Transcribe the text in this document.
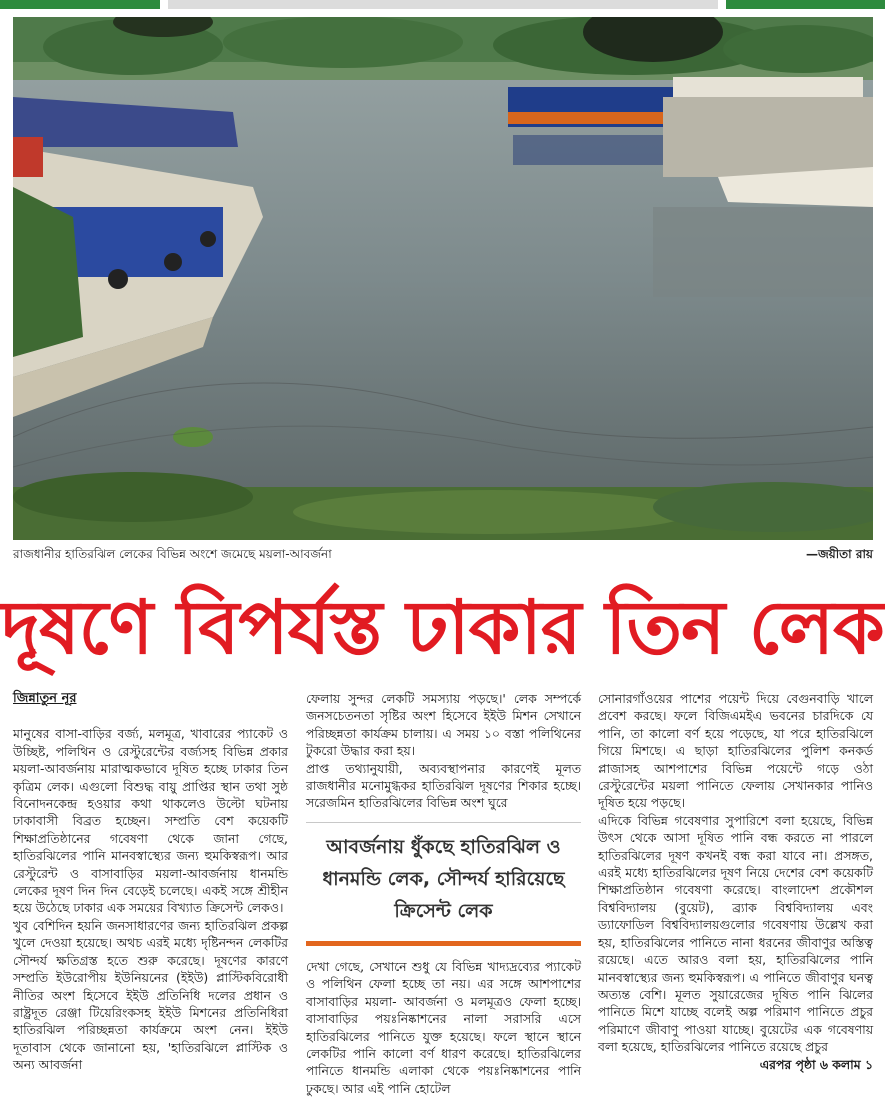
রাজধানীর হাতিরঝিল লেকের বিভিন্ন অংশে জমেছে ময়লা-আবর্জনা	—জয়ীতা রায়
দূষণে বিপর্যস্ত ঢাকার তিন লেক
জিন্নাতুন নূর

মানুষের বাসা-বাড়ির বর্জ্য, মলমূত্র, খাবারের প্যাকেট ও উচ্ছিষ্ট, পলিথিন ও রেস্টুরেন্টের বর্জ্যসহ বিভিন্ন প্রকার ময়লা-আবর্জনায় মারাত্মকভাবে দূষিত হচ্ছে ঢাকার তিন কৃত্রিম লেক। এগুলো বিশুদ্ধ বায়ু প্রাপ্তির স্থান তথা সুষ্ঠ বিনোদনকেন্দ্র হওয়ার কথা থাকলেও উল্টো ঘটনায় ঢাকাবাসী বিব্রত হচ্ছেন। সম্প্রতি বেশ কয়েকটি শিক্ষাপ্রতিষ্ঠানের গবেষণা থেকে জানা গেছে, হাতিরঝিলের পানি মানবস্বাস্থ্যের জন্য হুমকিস্বরূপ। আর রেস্টুরেন্ট ও বাসাবাড়ির ময়লা-আবর্জনায় ধানমন্ডি লেকের দূষণ দিন দিন বেড়েই চলেছে। একই সঙ্গে শ্রীহীন হয়ে উঠেছে ঢাকার এক সময়ের বিখ্যাত ক্রিসেন্ট লেকও।

খুব বেশিদিন হয়নি জনসাধারণের জন্য হাতিরঝিল প্রকল্প খুলে দেওয়া হয়েছে। অথচ এরই মধ্যে দৃষ্টিনন্দন লেকটির সৌন্দর্য ক্ষতিগ্রস্ত হতে শুরু করেছে। দূষণের কারণে সম্প্রতি ইউরোপীয় ইউনিয়নের (ইইউ) প্লাস্টিকবিরোধী নীতির অংশ হিসেবে ইইউ প্রতিনিধি দলের প্রধান ও রাষ্ট্রদূত রেঞ্জা টিয়েরিংকসহ ইইউ মিশনের প্রতিনিধিরা হাতিরঝিল পরিচ্ছন্নতা কার্যক্রমে অংশ নেন। ইইউ দূতাবাস থেকে জানানো হয়, 'হাতিরঝিলে প্লাস্টিক ও অন্য আবর্জনা

ফেলায় সুন্দর লেকটি সমস্যায় পড়ছে।' লেক সম্পর্কে জনসচেতনতা সৃষ্টির অংশ হিসেবে ইইউ মিশন সেখানে পরিচ্ছন্নতা কার্যক্রম চালায়। এ সময় ১০ বস্তা পলিথিনের টুকরো উদ্ধার করা হয়।

প্রাপ্ত তথ্যানুযায়ী, অব্যবস্থাপনার কারণেই মূলত রাজধানীর মনোমুগ্ধকর হাতিরঝিল দূষণের শিকার হচ্ছে। সরেজমিন হাতিরঝিলের বিভিন্ন অংশ ঘুরে

আবর্জনায় ধুঁকছে হাতিরঝিল ও ধানমন্ডি লেক, সৌন্দর্য হারিয়েছে ক্রিসেন্ট লেক

দেখা গেছে, সেখানে শুধু যে বিভিন্ন খাদ্যদ্রব্যের প্যাকেট ও পলিথিন ফেলা হচ্ছে তা নয়। এর সঙ্গে আশপাশের বাসাবাড়ির ময়লা- আবর্জনা ও মলমূত্রও ফেলা হচ্ছে। বাসাবাড়ির পয়ঃনিষ্কাশনের নালা সরাসরি এসে হাতিরঝিলের পানিতে যুক্ত হয়েছে। ফলে স্থানে স্থানে লেকটির পানি কালো বর্ণ ধারণ করেছে। হাতিরঝিলের পানিতে ধানমন্ডি এলাকা থেকে পয়ঃনিষ্কাশনের পানি ঢুকছে। আর এই পানি হোটেল

সোনারগাঁওয়ের পাশের পয়েন্ট দিয়ে বেগুনবাড়ি খালে প্রবেশ করছে। ফলে বিজিএমইএ ভবনের চারদিকে যে পানি, তা কালো বর্ণ হয়ে পড়েছে, যা পরে হাতিরঝিলে গিয়ে মিশছে। এ ছাড়া হাতিরঝিলের পুলিশ কনকর্ড প্লাজাসহ আশপাশের বিভিন্ন পয়েন্টে গড়ে ওঠা রেস্টুরেন্টের ময়লা পানিতে ফেলায় সেখানকার পানিও দূষিত হয়ে পড়ছে।

এদিকে বিভিন্ন গবেষণার সুপারিশে বলা হয়েছে, বিভিন্ন উৎস থেকে আসা দূষিত পানি বন্ধ করতে না পারলে হাতিরঝিলের দূষণ কখনই বন্ধ করা যাবে না। প্রসঙ্গত, এরই মধ্যে হাতিরঝিলের দূষণ নিয়ে দেশের বেশ কয়েকটি শিক্ষাপ্রতিষ্ঠান গবেষণা করেছে। বাংলাদেশ প্রকৌশল বিশ্ববিদ্যালয় (বুয়েট), ব্র্যাক বিশ্ববিদ্যালয় এবং ড্যাফোডিল বিশ্ববিদ্যালয়গুলোর গবেষণায় উল্লেখ করা হয়, হাতিরঝিলের পানিতে নানা ধরনের জীবাণুর অস্তিত্ব রয়েছে। এতে আরও বলা হয়, হাতিরঝিলের পানি মানবস্বাস্থ্যের জন্য হুমকিস্বরূপ। এ পানিতে জীবাণুর ঘনত্ব অত্যন্ত বেশি। মূলত সুয়ারেজের দূষিত পানি ঝিলের পানিতে মিশে যাচ্ছে বলেই অল্প পরিমাণ পানিতে প্রচুর পরিমাণে জীবাণু পাওয়া যাচ্ছে। বুয়েটের এক গবেষণায় বলা হয়েছে, হাতিরঝিলের পানিতে রয়েছে প্রচুর

এরপর পৃষ্ঠা ৬ কলাম ১
